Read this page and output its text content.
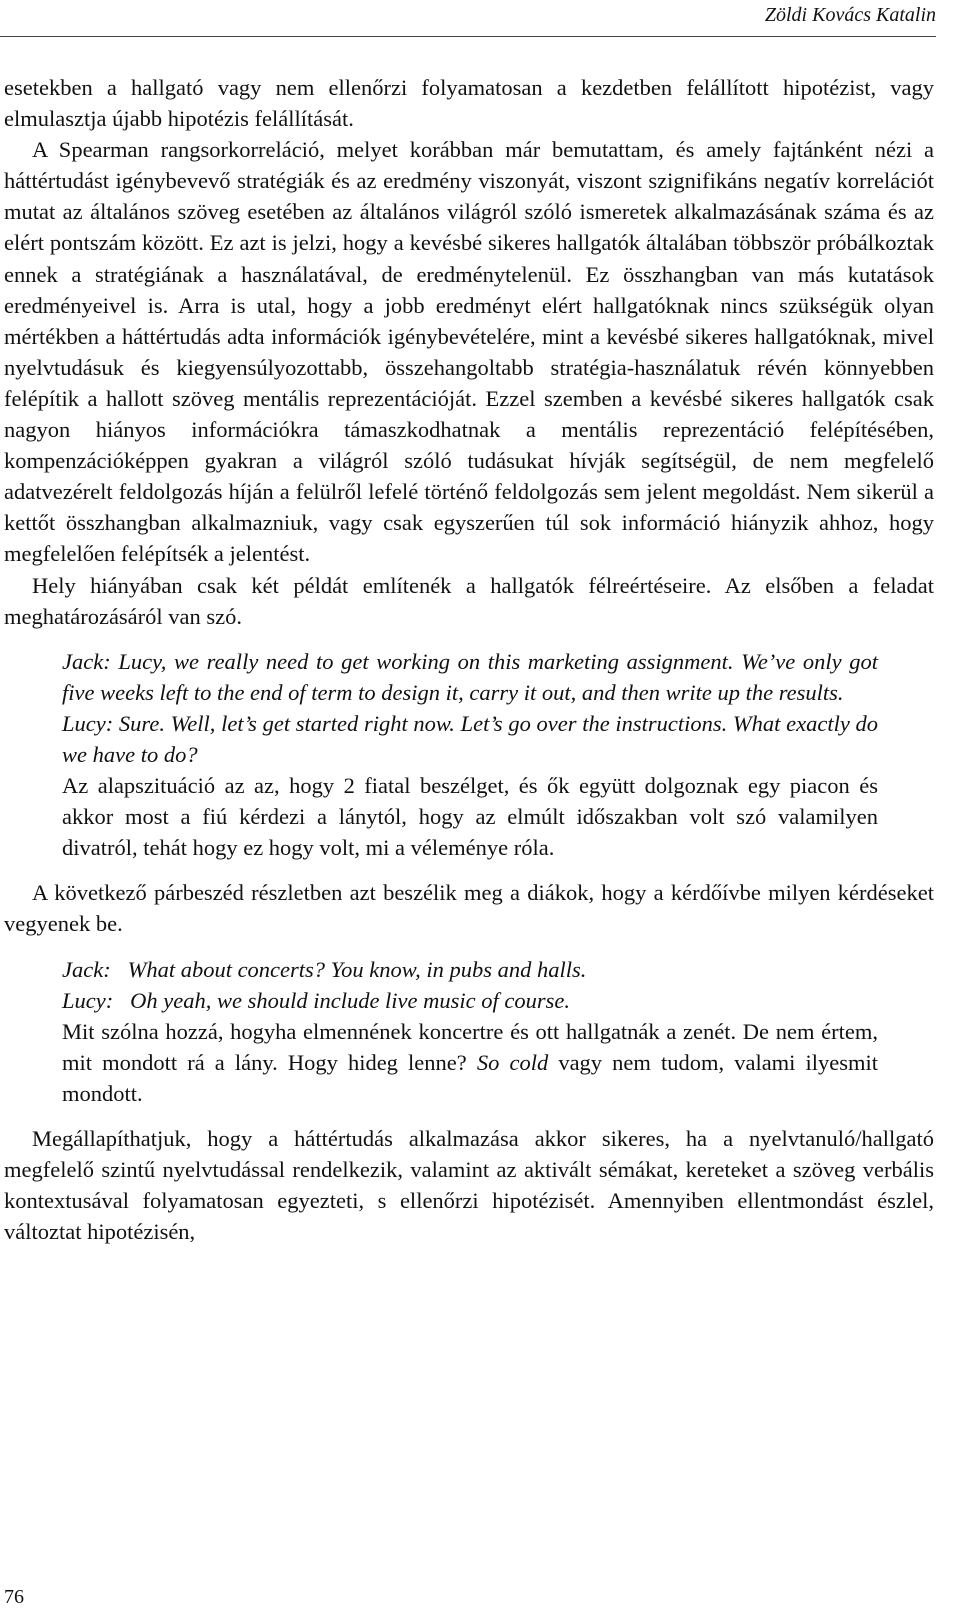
Zöldi Kovács Katalin

esetekben a hallgató vagy nem ellenőrzi folyamatosan a kezdetben felállított hipotézist, vagy elmulasztja újabb hipotézis felállítását.

A Spearman rangsorkorreláció, melyet korábban már bemutattam, és amely fajtánként nézi a háttértudást igénybevevő stratégiák és az eredmény viszonyát, viszont szignifikáns negatív korrelációt mutat az általános szöveg esetében az általános világról szóló ismeretek alkalmazásának száma és az elért pontszám között. Ez azt is jelzi, hogy a kevésbé sikeres hallgatók általában többször próbálkoztak ennek a stratégiának a használatával, de eredménytelenül. Ez összhangban van más kutatások eredményeivel is. Arra is utal, hogy a jobb eredményt elért hallgatóknak nincs szükségük olyan mértékben a háttértudás adta információk igénybevételére, mint a kevésbé sikeres hallgatóknak, mivel nyelvtudásuk és kiegyensúlyozottabb, összehangoltabb stratégia-használatuk révén könnyebben felépítik a hallott szöveg mentális reprezentációját. Ezzel szemben a kevésbé sikeres hallgatók csak nagyon hiányos információkra támaszkodhatnak a mentális reprezentáció felépítésében, kompenzációképpen gyakran a világról szóló tudásukat hívják segítségül, de nem megfelelő adatvezérelt feldolgozás híján a felülről lefelé történő feldolgozás sem jelent megoldást. Nem sikerül a kettőt összhangban alkalmazniuk, vagy csak egyszerűen túl sok információ hiányzik ahhoz, hogy megfelelően felépítsék a jelentést.

Hely hiányában csak két példát említenék a hallgatók félreértéseire. Az elsőben a feladat meghatározásáról van szó.

Jack: Lucy, we really need to get working on this marketing assignment. We’ve only got five weeks left to the end of term to design it, carry it out, and then write up the results.

Lucy: Sure. Well, let’s get started right now. Let’s go over the instructions. What exactly do we have to do?

Az alapszituáció az az, hogy 2 fiatal beszélget, és ők együtt dolgoznak egy piacon és akkor most a fiú kérdezi a lánytól, hogy az elmúlt időszakban volt szó valamilyen divatról, tehát hogy ez hogy volt, mi a véleménye róla.

A következő párbeszéd részletben azt beszélik meg a diákok, hogy a kérdőívbe milyen kérdéseket vegyenek be.

Jack:   What about concerts? You know, in pubs and halls.

Lucy:   Oh yeah, we should include live music of course.

Mit szólna hozzá, hogyha elmennének koncertre és ott hallgatnák a zenét. De nem értem, mit mondott rá a lány. Hogy hideg lenne? So cold vagy nem tudom, valami ilyesmit mondott.

Megállapíthatjuk, hogy a háttértudás alkalmazása akkor sikeres, ha a nyelvtanuló/hallgató megfelelő szintű nyelvtudással rendelkezik, valamint az aktivált sémákat, kereteket a szöveg verbális kontextusával folyamatosan egyezteti, s ellenőrzi hipotézisét. Amennyiben ellentmondást észlel, változtat hipotézisén,

76
